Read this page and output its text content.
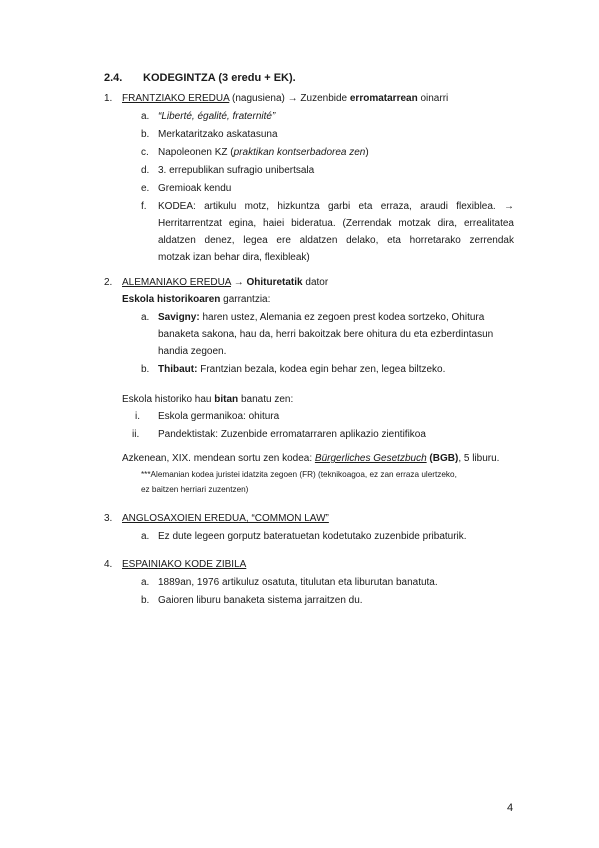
2.4. KODEGINTZA (3 eredu + EK).
1. FRANTZIAKO EREDUA (nagusiena) → Zuzenbide erromatarrean oinarri
a. “Liberté, égalité, fraternité”
b. Merkataritzako askatasuna
c. Napoleonen KZ (praktikan kontserbadorea zen)
d. 3. errepublikan sufragio unibertsala
e. Gremioak kendu
f. KODEA: artikulu motz, hizkuntza garbi eta erraza, araudi flexiblea. →
Herritarrentzat egina, haiei bideratua. (Zerrendak motzak dira, errealitatea
aldatzen denez, legea ere aldatzen delako, eta horretarako zerrendak
motzak izan behar dira, flexibleak)
2. ALEMANIAKO EREDUA → Ohituretatik dator
Eskola historikoaren garrantzia:
a. Savigny: haren ustez, Alemania ez zegoen prest kodea sortzeko, Ohitura
banaketa sakona, hau da, herri bakoitzak bere ohitura du eta ezberdintasun
handia zegoen.
b. Thibaut: Frantzian bezala, kodea egin behar zen, legea biltzeko.
Eskola historiko hau bitan banatu zen:
i. Eskola germanikoa: ohitura
ii. Pandektistak: Zuzenbide erromatarraren aplikazio zientifikoa
Azkenean, XIX. mendean sortu zen kodea: Bürgerliches Gesetzbuch (BGB), 5 liburu.
***Alemanian kodea juristei idatzita zegoen (FR) (teknikoagoa, ez zan erraza ulertzeko,
ez baitzen herriari zuzentzen)
3. ANGLOSAXOIEN EREDUA, “COMMON LAW”
a. Ez dute legeen gorputz bateratuetan kodetutako zuzenbide pribaturik.
4. ESPAINIAKO KODE ZIBILA
a. 1889an, 1976 artikuluz osatuta, titulutan eta liburutan banatuta.
b. Gaioren liburu banaketa sistema jarraitzen du.
4
